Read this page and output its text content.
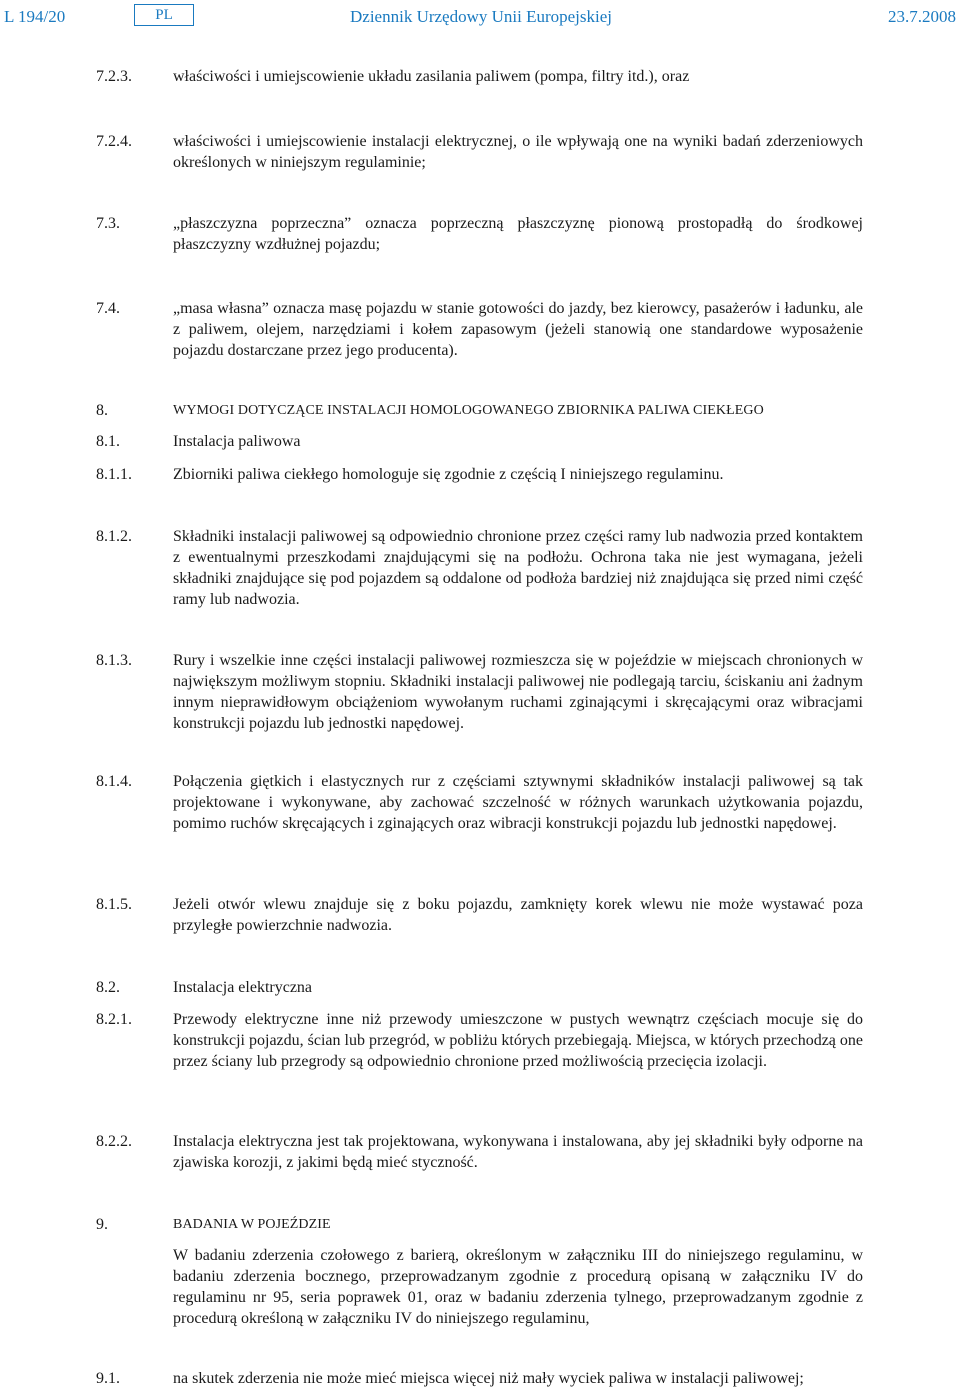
L 194/20	PL	Dziennik Urzędowy Unii Europejskiej	23.7.2008
7.2.3.	właściwości i umiejscowienie układu zasilania paliwem (pompa, filtry itd.), oraz
7.2.4.	właściwości i umiejscowienie instalacji elektrycznej, o ile wpływają one na wyniki badań zderzeniowych określonych w niniejszym regulaminie;
7.3.	„płaszczyzna poprzeczna” oznacza poprzeczną płaszczyznę pionową prostopadłą do środkowej płaszczyzny wzdłużnej pojazdu;
7.4.	„masa własna” oznacza masę pojazdu w stanie gotowości do jazdy, bez kierowcy, pasażerów i ładunku, ale z paliwem, olejem, narzędziami i kołem zapasowym (jeżeli stanowią one standardowe wyposażenie pojazdu dostarczane przez jego producenta).
8.	WYMOGI DOTYCZĄCE INSTALACJI HOMOLOGOWANEGO ZBIORNIKA PALIWA CIEKŁEGO
8.1.	Instalacja paliwowa
8.1.1.	Zbiorniki paliwa ciekłego homologuje się zgodnie z częścią I niniejszego regulaminu.
8.1.2.	Składniki instalacji paliwowej są odpowiednio chronione przez części ramy lub nadwozia przed kontaktem z ewentualnymi przeszkodami znajdującymi się na podłożu. Ochrona taka nie jest wymagana, jeżeli składniki znajdujące się pod pojazdem są oddalone od podłoża bardziej niż znajdująca się przed nimi część ramy lub nadwozia.
8.1.3.	Rury i wszelkie inne części instalacji paliwowej rozmieszcza się w pojeździe w miejscach chronionych w największym możliwym stopniu. Składniki instalacji paliwowej nie podlegają tarciu, ściskaniu ani żadnym innym nieprawidłowym obciążeniom wywołanym ruchami zginającymi i skręcającymi oraz wibracjami konstrukcji pojazdu lub jednostki napędowej.
8.1.4.	Połączenia giętkich i elastycznych rur z częściami sztywnymi składników instalacji paliwowej są tak projektowane i wykonywane, aby zachować szczelność w różnych warunkach użytkowania pojazdu, pomimo ruchów skręcających i zginających oraz wibracji konstrukcji pojazdu lub jednostki napędowej.
8.1.5.	Jeżeli otwór wlewu znajduje się z boku pojazdu, zamknięty korek wlewu nie może wystawać poza przyległe powierzchnie nadwozia.
8.2.	Instalacja elektryczna
8.2.1.	Przewody elektryczne inne niż przewody umieszczone w pustych wewnątrz częściach mocuje się do konstrukcji pojazdu, ścian lub przegród, w pobliżu których przebiegają. Miejsca, w których przechodzą one przez ściany lub przegrody są odpowiednio chronione przed możliwością przecięcia izolacji.
8.2.2.	Instalacja elektryczna jest tak projektowana, wykonywana i instalowana, aby jej składniki były odporne na zjawiska korozji, z jakimi będą mieć styczność.
9.	BADANIA W POJEŹDZIE
W badaniu zderzenia czołowego z barierą, określonym w załączniku III do niniejszego regulaminu, w badaniu zderzenia bocznego, przeprowadzanym zgodnie z procedurą opisaną w załączniku IV do regulaminu nr 95, seria poprawek 01, oraz w badaniu zderzenia tylnego, przeprowadzanym zgodnie z procedurą określoną w załączniku IV do niniejszego regulaminu,
9.1.	na skutek zderzenia nie może mieć miejsca więcej niż mały wyciek paliwa w instalacji paliwowej;
